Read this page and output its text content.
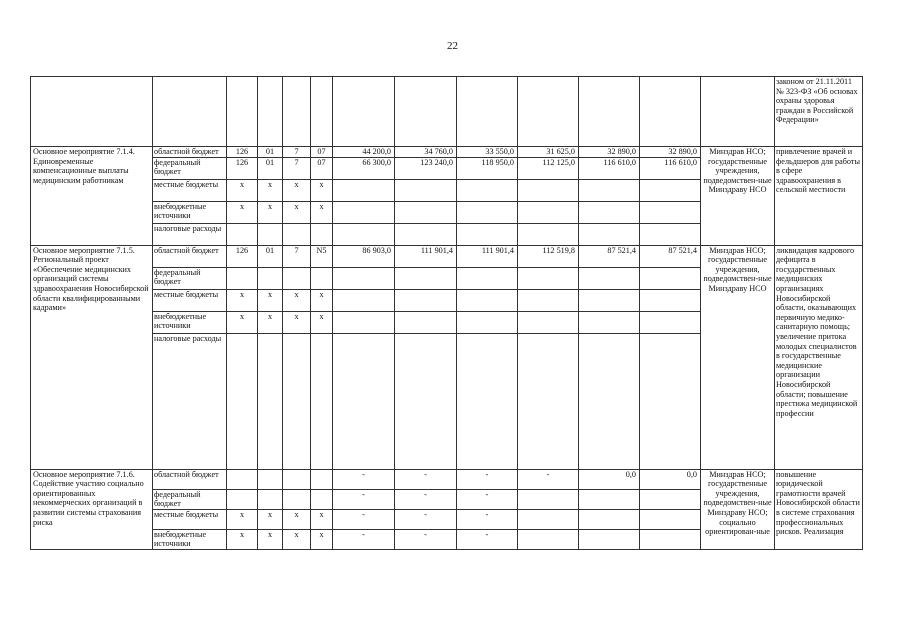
22
													законом от 21.11.2011 № 323-ФЗ «Об основах охраны здоровья граждан в Российской Федерации»
Основное мероприятие 7.1.4. Единовременные компенсационные выплаты медицинским работникам	областной бюджет	126	01	7	07	44 200,0	34 760,0	33 550,0	31 625,0	32 890,0	32 890,0	Минздрав НСО; государственные учреждения, подведомствен-ные Минздраву НСО	привлечение врачей и фельдшеров для работы в сфере здравоохранения в сельской местности
	федеральный бюджет	126	01	7	07	66 300,0	123 240,0	118 950,0	112 125,0	116 610,0	116 610,0		
	местные бюджеты	x	x	x	x								
	внебюджетные источники	x	x	x	x								
	налоговые расходы												
Основное мероприятие 7.1.5. Региональный проект «Обеспечение медицинских организаций системы здравоохранения Новосибирской области квалифицированными кадрами»	областной бюджет	126	01	7	N5	86 903,0	111 901,4	111 901,4	112 519,8	87 521,4	87 521,4	Минздрав НСО; государственные учреждения, подведомствен-ные Минздраву НСО	ликвидация кадрового дефицита в государственных медицинских организациях Новосибирской области, оказывающих первичную медико-санитарную помощь; увеличение притока молодых специалистов в государственные медицинские организации Новосибирской области; повышение престижа медицинской профессии
	федеральный бюджет												
	местные бюджеты	x	x	x	x								
	внебюджетные источники	x	x	x	x								
	налоговые расходы												
Основное мероприятие 7.1.6. Содействие участию социально ориентированных некоммерческих организаций в развитии системы страхования риска	областной бюджет					-	-	-	-	0,0	0,0	Минздрав НСО; государственные учреждения, подведомствен-ные Минздраву НСО; социально ориентирован-ные	повышение юридической грамотности врачей Новосибирской области в системе страхования профессиональных рисков. Реализация
	федеральный бюджет					-	-	-					
	местные бюджеты	x	x	x	x	-	-	-					
	внебюджетные источники	x	x	x	x	-	-	-					
